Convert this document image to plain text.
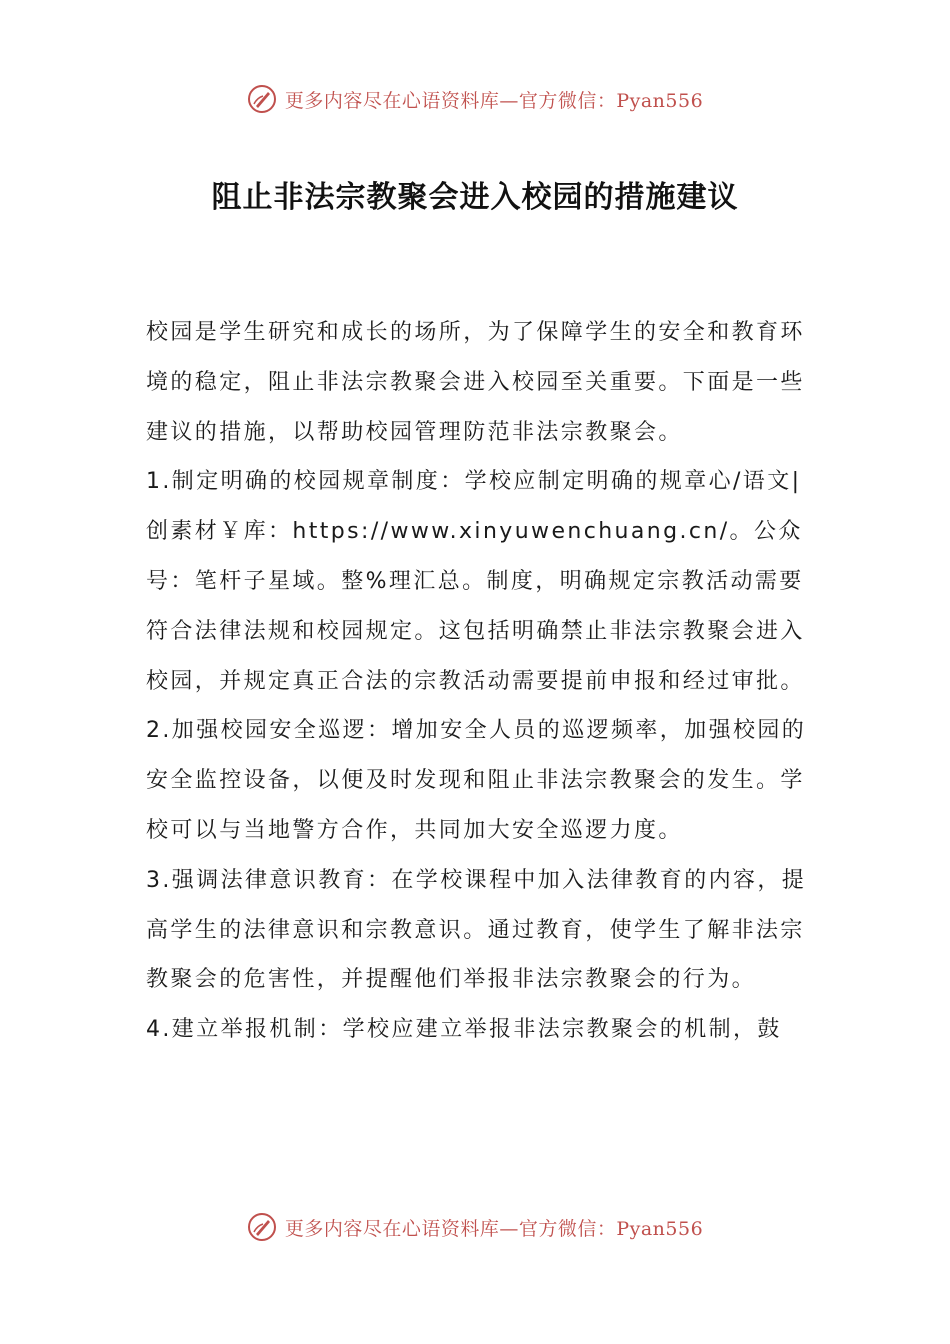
更多内容尽在心语资料库—官方微信：Pyan556
阻止非法宗教聚会进入校园的措施建议

校园是学生研究和成长的场所，为了保障学生的安全和教育环境的稳定，阻止非法宗教聚会进入校园至关重要。下面是一些建议的措施，以帮助校园管理防范非法宗教聚会。

1.制定明确的校园规章制度：学校应制定明确的规章心/语文|创素材￥库：https://www.xinyuwenchuang.cn/。公众号：笔杆子星域。整%理汇总。制度，明确规定宗教活动需要符合法律法规和校园规定。这包括明确禁止非法宗教聚会进入校园，并规定真正合法的宗教活动需要提前申报和经过审批。

2.加强校园安全巡逻：增加安全人员的巡逻频率，加强校园的安全监控设备，以便及时发现和阻止非法宗教聚会的发生。学校可以与当地警方合作，共同加大安全巡逻力度。

3.强调法律意识教育：在学校课程中加入法律教育的内容，提高学生的法律意识和宗教意识。通过教育，使学生了解非法宗教聚会的危害性，并提醒他们举报非法宗教聚会的行为。

4.建立举报机制：学校应建立举报非法宗教聚会的机制，鼓

更多内容尽在心语资料库—官方微信：Pyan556
